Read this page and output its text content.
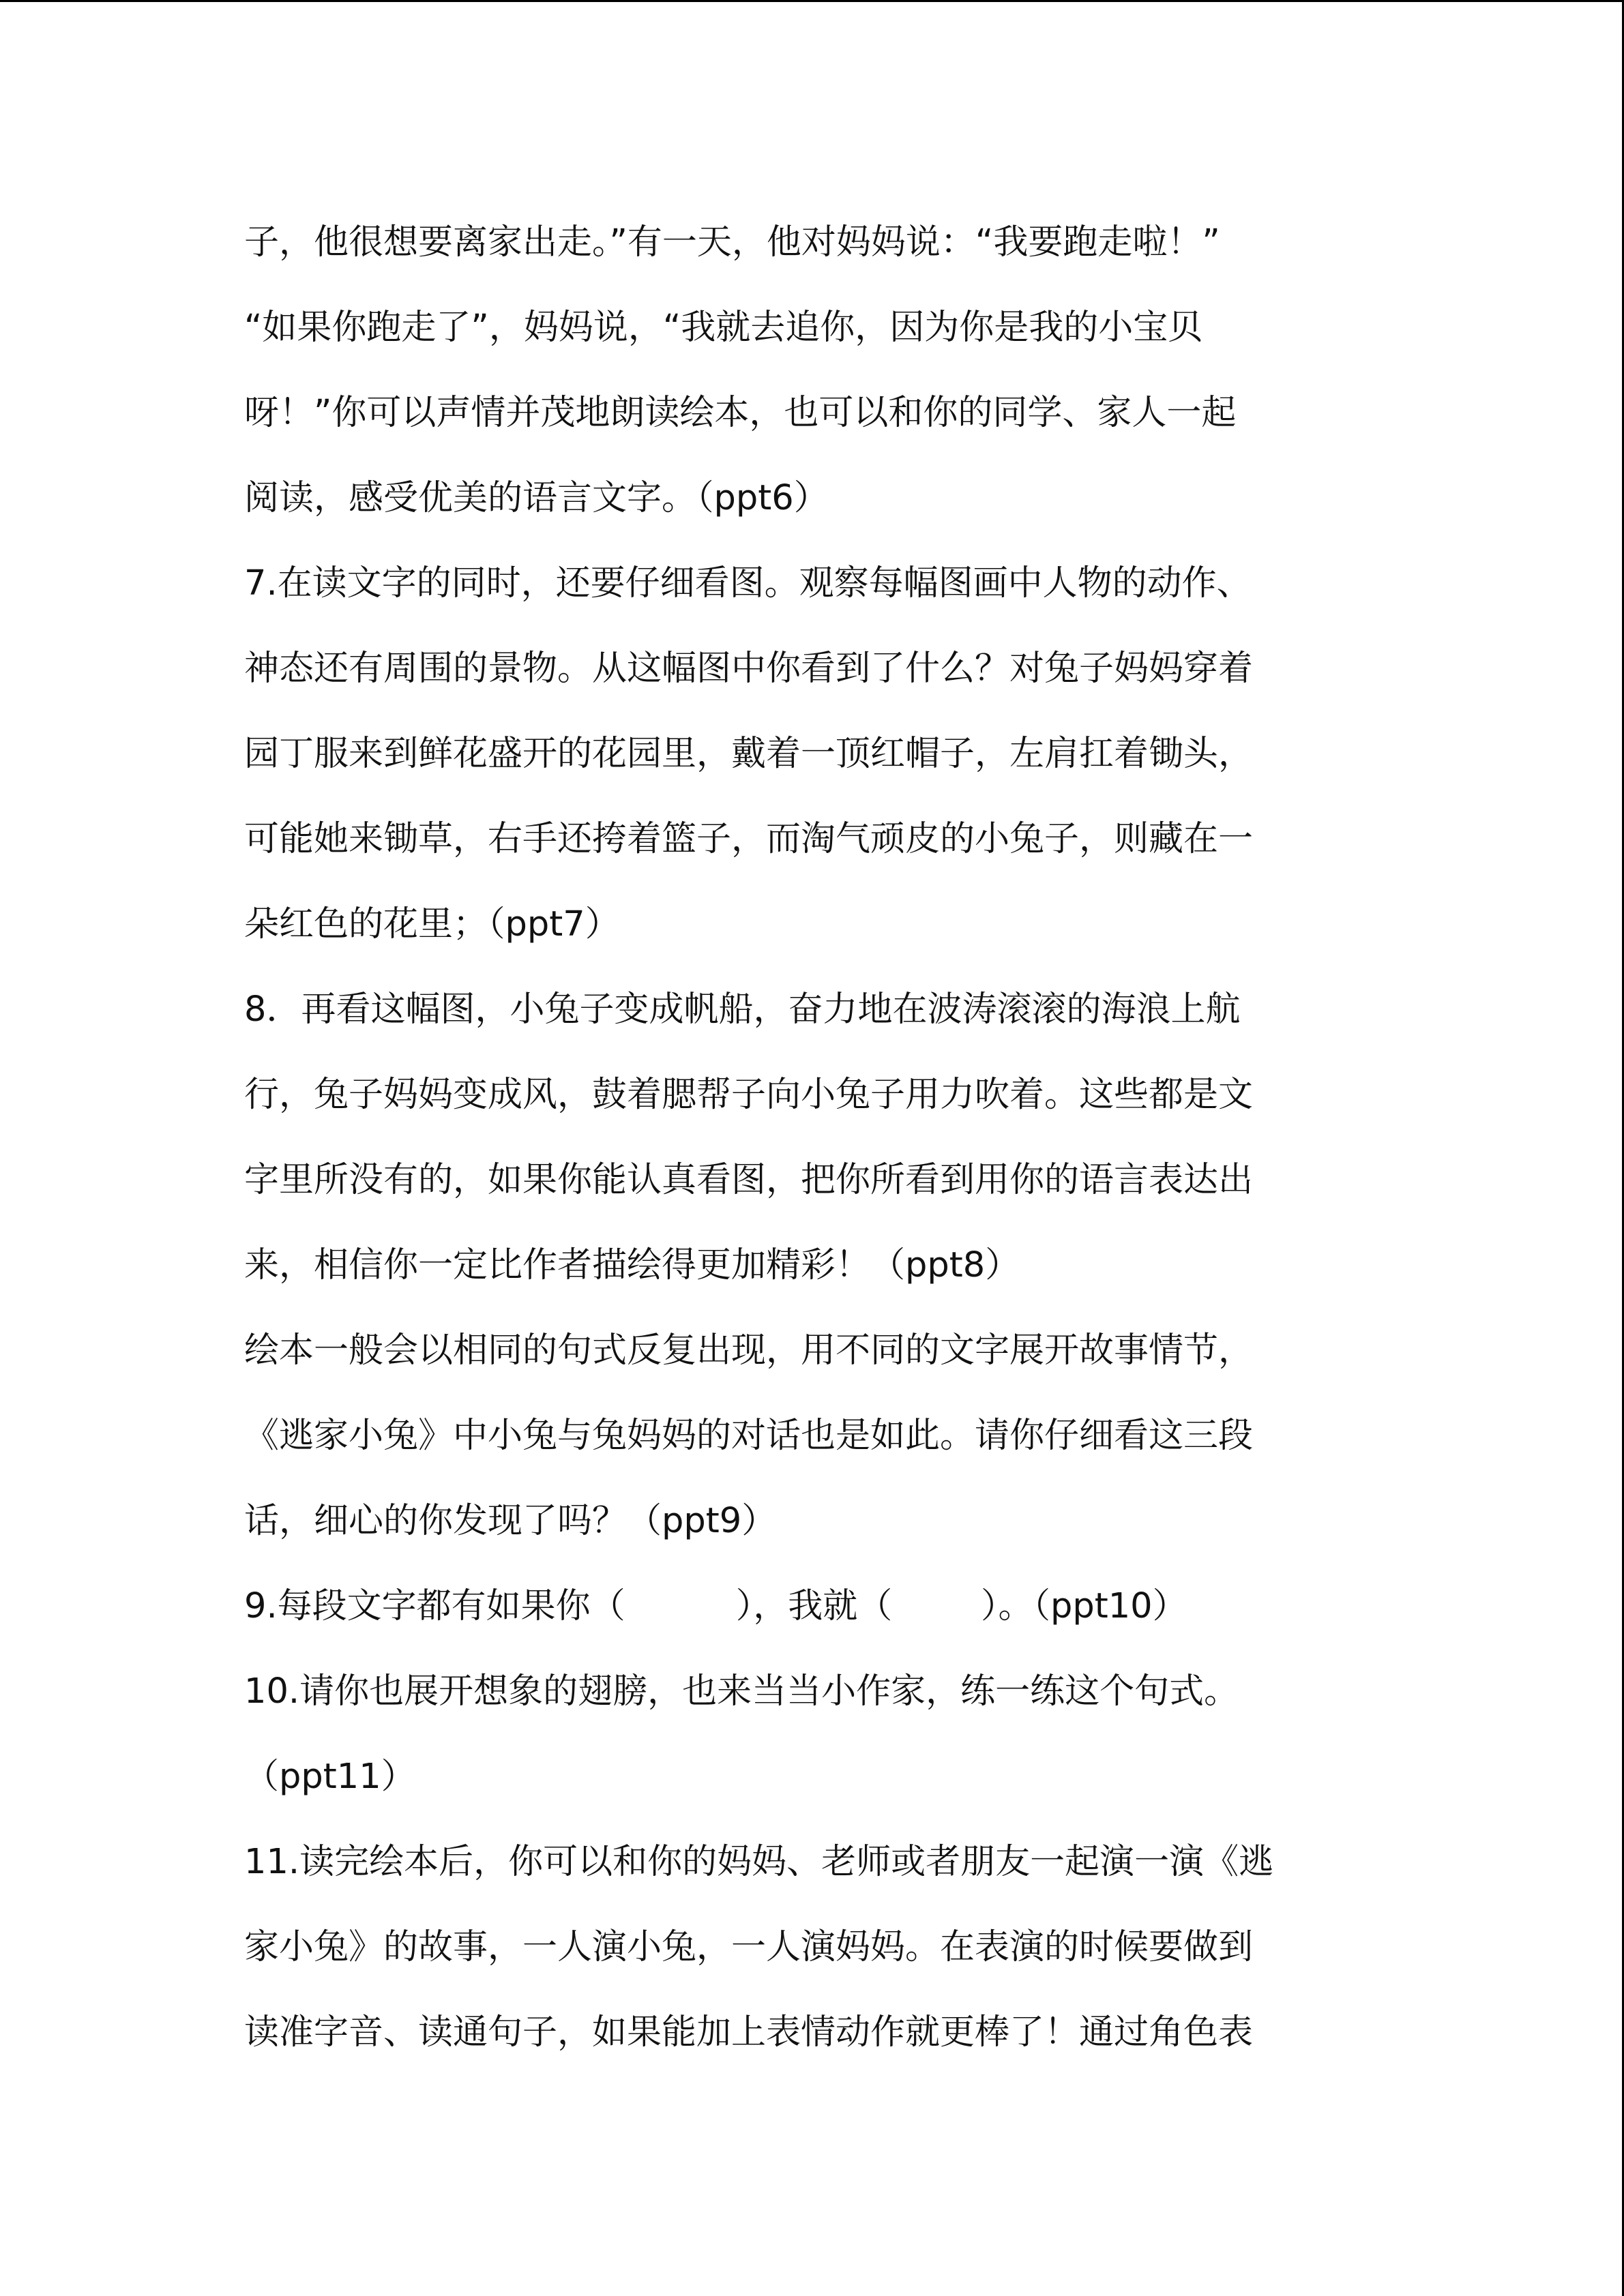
子，他很想要离家出走。”有一天，他对妈妈说：“我要跑走啦！”
“如果你跑走了”，妈妈说，“我就去追你，因为你是我的小宝贝
呀！”你可以声情并茂地朗读绘本，也可以和你的同学、家人一起
阅读，感受优美的语言文字。（ppt6）
7.在读文字的同时，还要仔细看图。观察每幅图画中人物的动作、
神态还有周围的景物。从这幅图中你看到了什么？对兔子妈妈穿着
园丁服来到鲜花盛开的花园里，戴着一顶红帽子，左肩扛着锄头，
可能她来锄草，右手还挎着篮子，而淘气顽皮的小兔子，则藏在一
朵红色的花里；（ppt7）
8．再看这幅图，小兔子变成帆船，奋力地在波涛滚滚的海浪上航
行，兔子妈妈变成风，鼓着腮帮子向小兔子用力吹着。这些都是文
字里所没有的，如果你能认真看图，把你所看到用你的语言表达出
来，相信你一定比作者描绘得更加精彩！（ppt8）
绘本一般会以相同的句式反复出现，用不同的文字展开故事情节，
《逃家小兔》中小兔与兔妈妈的对话也是如此。请你仔细看这三段
话，细心的你发现了吗？（ppt9）
9.每段文字都有如果你（          ），我就（        ）。（ppt10）
10.请你也展开想象的翅膀，也来当当小作家，练一练这个句式。
（ppt11）
11.读完绘本后，你可以和你的妈妈、老师或者朋友一起演一演《逃
家小兔》的故事，一人演小兔，一人演妈妈。在表演的时候要做到
读准字音、读通句子，如果能加上表情动作就更棒了！通过角色表
